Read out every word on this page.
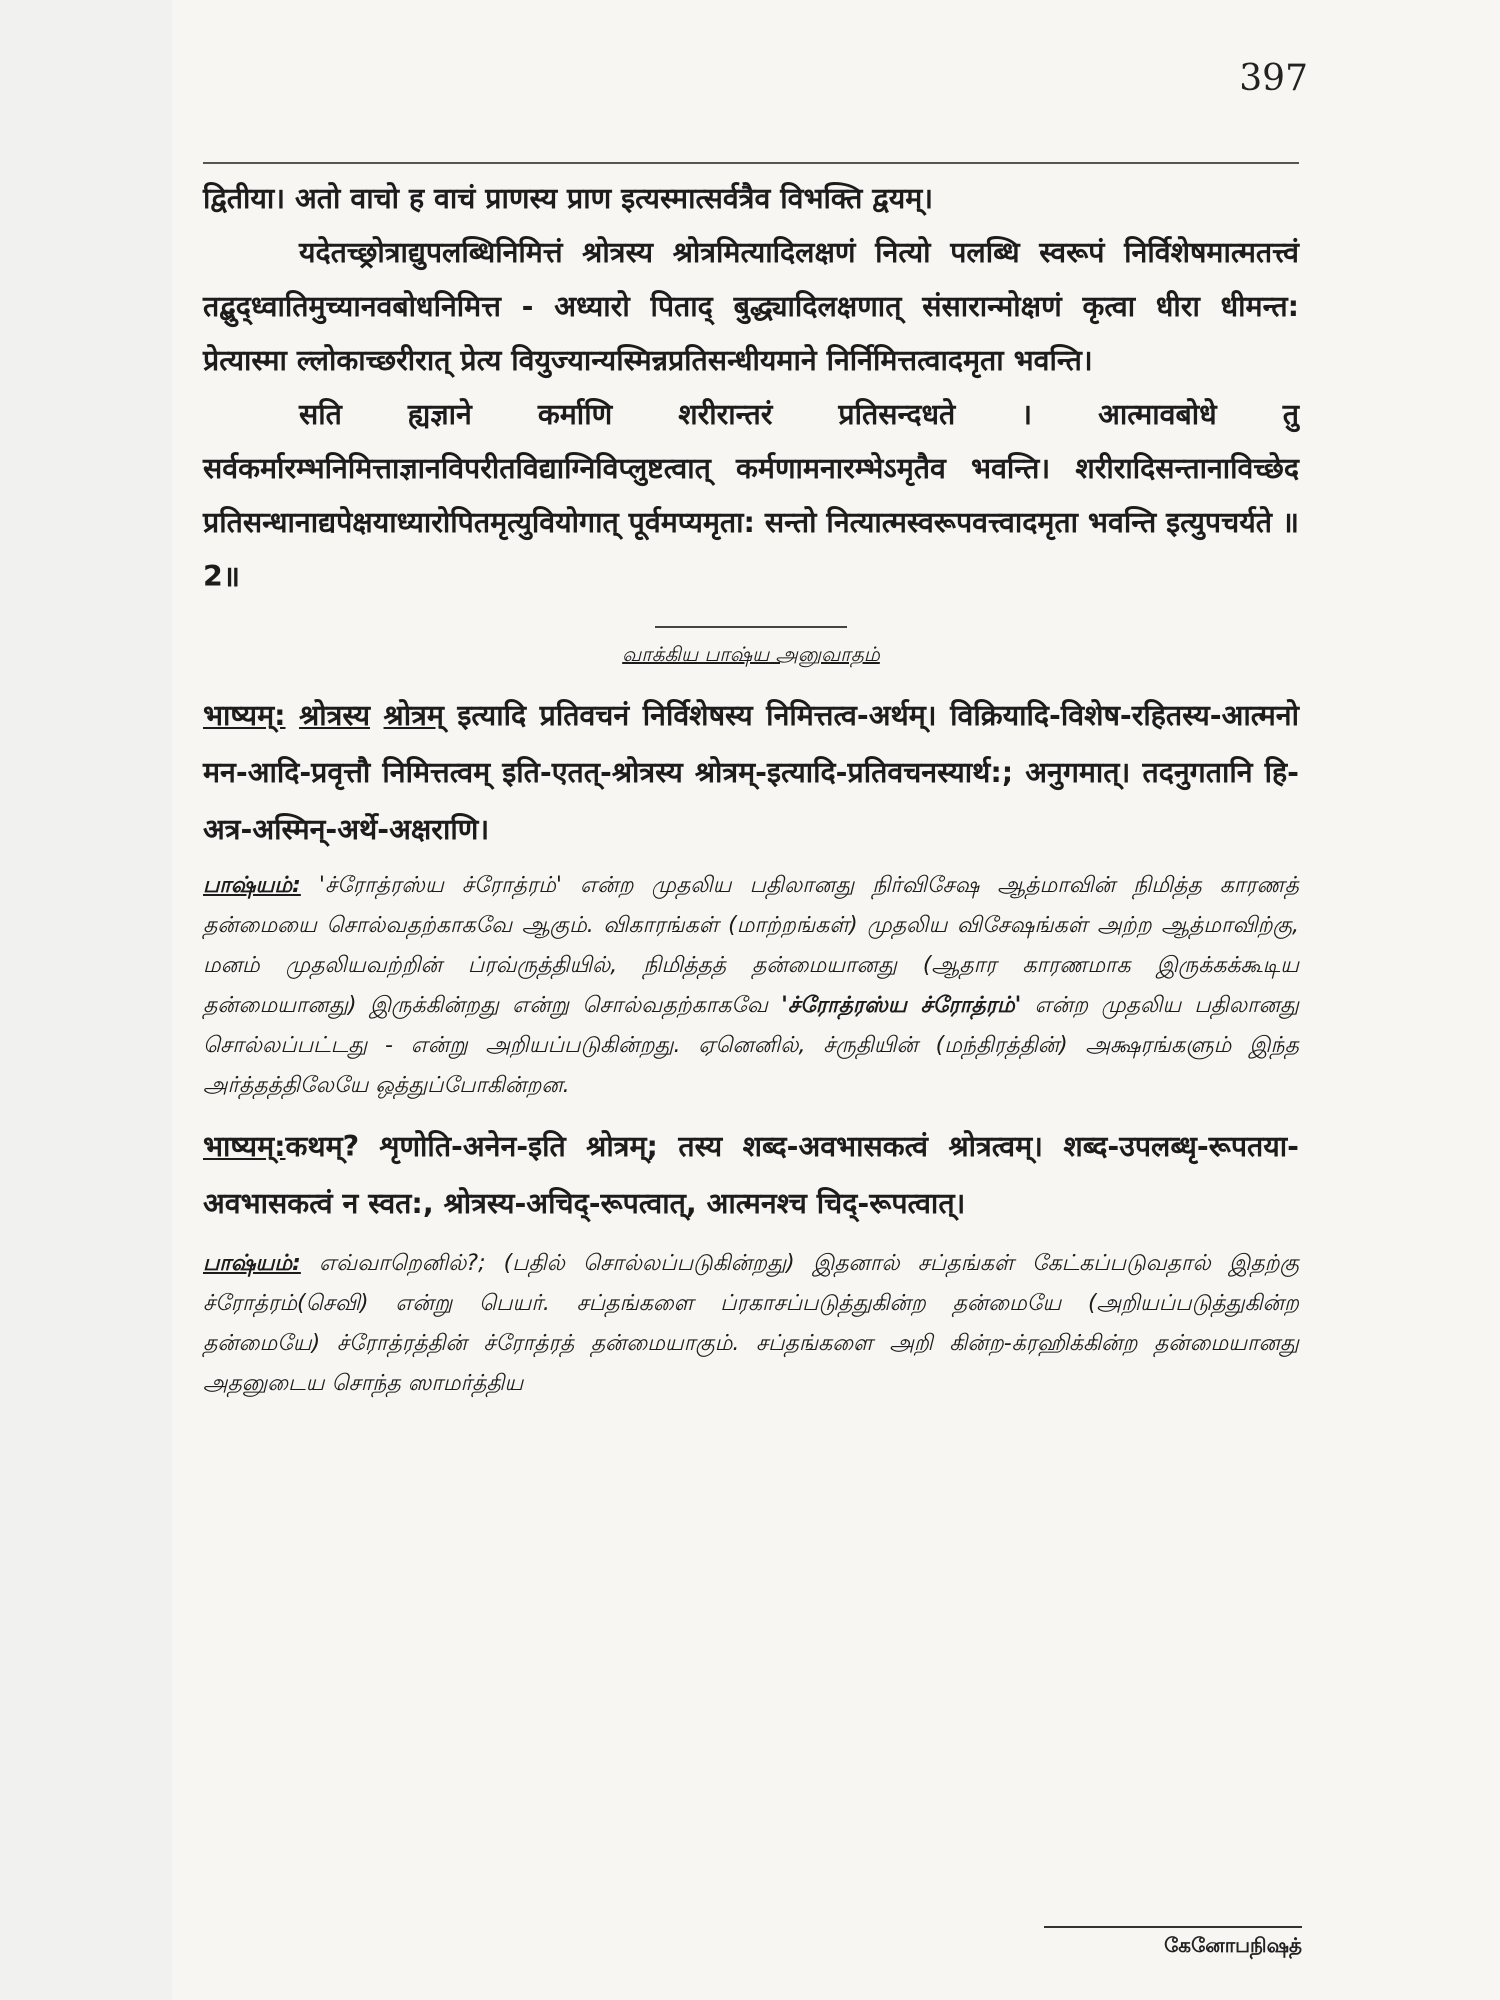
397

द्वितीया। अतो वाचो ह वाचं प्राणस्य प्राण इत्यस्मात्सर्वत्रैव विभक्ति द्वयम्।

यदेतच्छ्रोत्राद्युपलब्धिनिमित्तं श्रोत्रस्य श्रोत्रमित्यादिलक्षणं नित्यो पलब्धि स्वरूपं निर्विशेषमात्मतत्त्वं तद्बुद्ध्वातिमुच्यानवबोधनिमित्त - अध्यारो पिताद् बुद्ध्यादिलक्षणात् संसारान्मोक्षणं कृत्वा धीरा धीमन्त: प्रेत्यास्मा ल्लोकाच्छरीरात् प्रेत्य वियुज्यान्यस्मिन्नप्रतिसन्धीयमाने निर्निमित्तत्वादमृता भवन्ति।

सति ह्यज्ञाने कर्माणि शरीरान्तरं प्रतिसन्दधते । आत्मावबोधे तु सर्वकर्मारम्भनिमित्ताज्ञानविपरीतविद्याग्निविप्लुष्टत्वात् कर्मणामनारम्भेऽमृतैव भवन्ति। शरीरादिसन्तानाविच्छेद प्रतिसन्धानाद्यपेक्षयाध्यारोपितमृत्युवियोगात् पूर्वमप्यमृता: सन्तो नित्यात्मस्वरूपवत्त्वादमृता भवन्ति इत्युपचर्यते ॥ 2॥

வாக்கிய பாஷ்ய அனுவாதம்

भाष्यम्: श्रोत्रस्य श्रोत्रम् इत्यादि प्रतिवचनं निर्विशेषस्य निमित्तत्व-अर्थम्। विक्रियादि-विशेष-रहितस्य-आत्मनो मन-आदि-प्रवृत्तौ निमित्तत्वम् इति-एतत्-श्रोत्रस्य श्रोत्रम्-इत्यादि-प्रतिवचनस्यार्थ:; अनुगमात्। तदनुगतानि हि-अत्र-अस्मिन्-अर्थे-अक्षराणि।

பாஷ்யம்: 'ச்ரோத்ரஸ்ய ச்ரோத்ரம்' என்ற முதலிய பதிலானது நிர்விசேஷ ஆத்மாவின் நிமித்த காரணத் தன்மையை சொல்வதற்காகவே ஆகும். விகாரங்கள் (மாற்றங்கள்) முதலிய விசேஷங்கள் அற்ற ஆத்மாவிற்கு, மனம் முதலியவற்றின் ப்ரவ்ருத்தியில், நிமித்தத் தன்மையானது (ஆதார காரணமாக இருக்கக்கூடிய தன்மையானது) இருக்கின்றது என்று சொல்வதற்காகவே 'ச்ரோத்ரஸ்ய ச்ரோத்ரம்' என்ற முதலிய பதிலானது சொல்லப்பட்டது - என்று அறியப்படுகின்றது. ஏனெனில், ச்ருதியின் (மந்திரத்தின்) அக்ஷரங்களும் இந்த அர்த்தத்திலேயே ஒத்துப்போகின்றன.

भाष्यम्:कथम्? शृणोति-अनेन-इति श्रोत्रम्; तस्य शब्द-अवभासकत्वं श्रोत्रत्वम्। शब्द-उपलब्धृ-रूपतया-अवभासकत्वं न स्वत:, श्रोत्रस्य-अचिद्-रूपत्वात्, आत्मनश्च चिद्-रूपत्वात्।

பாஷ்யம்: எவ்வாறெனில்?; (பதில் சொல்லப்படுகின்றது) இதனால் சப்தங்கள் கேட்கப்படுவதால் இதற்கு ச்ரோத்ரம்(செவி) என்று பெயர். சப்தங்களை ப்ரகாசப்படுத்துகின்ற தன்மையே (அறியப்படுத்துகின்ற தன்மையே) ச்ரோத்ரத்தின் ச்ரோத்ரத் தன்மையாகும். சப்தங்களை அறி கின்ற-க்ரஹிக்கின்ற தன்மையானது அதனுடைய சொந்த ஸாமர்த்திய

கேனோபநிஷத்
